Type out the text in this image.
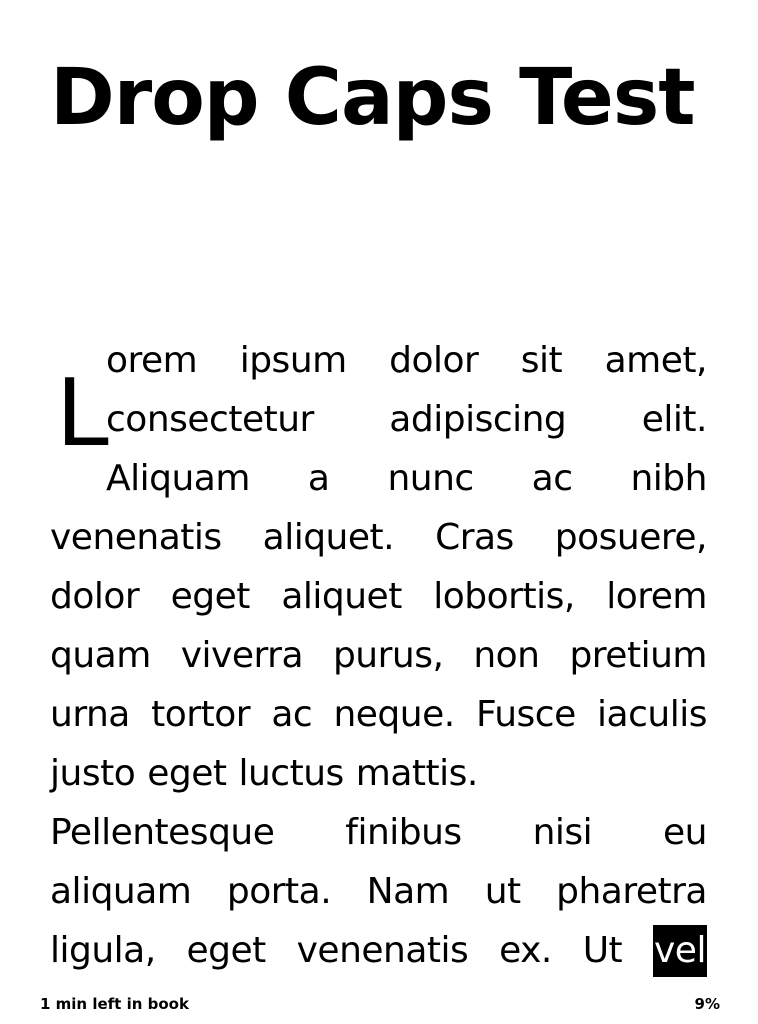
Drop Caps Test
L
orem ipsum dolor sit amet,
consectetur adipiscing elit.
Aliquam a nunc ac nibh
venenatis aliquet. Cras posuere,
dolor eget aliquet lobortis, lorem
quam viverra purus, non pretium
urna tortor ac neque. Fusce iaculis
justo eget luctus mattis.
Pellentesque finibus nisi eu
aliquam porta. Nam ut pharetra
ligula, eget venenatis ex. Ut vel
1 min left in book	9%
